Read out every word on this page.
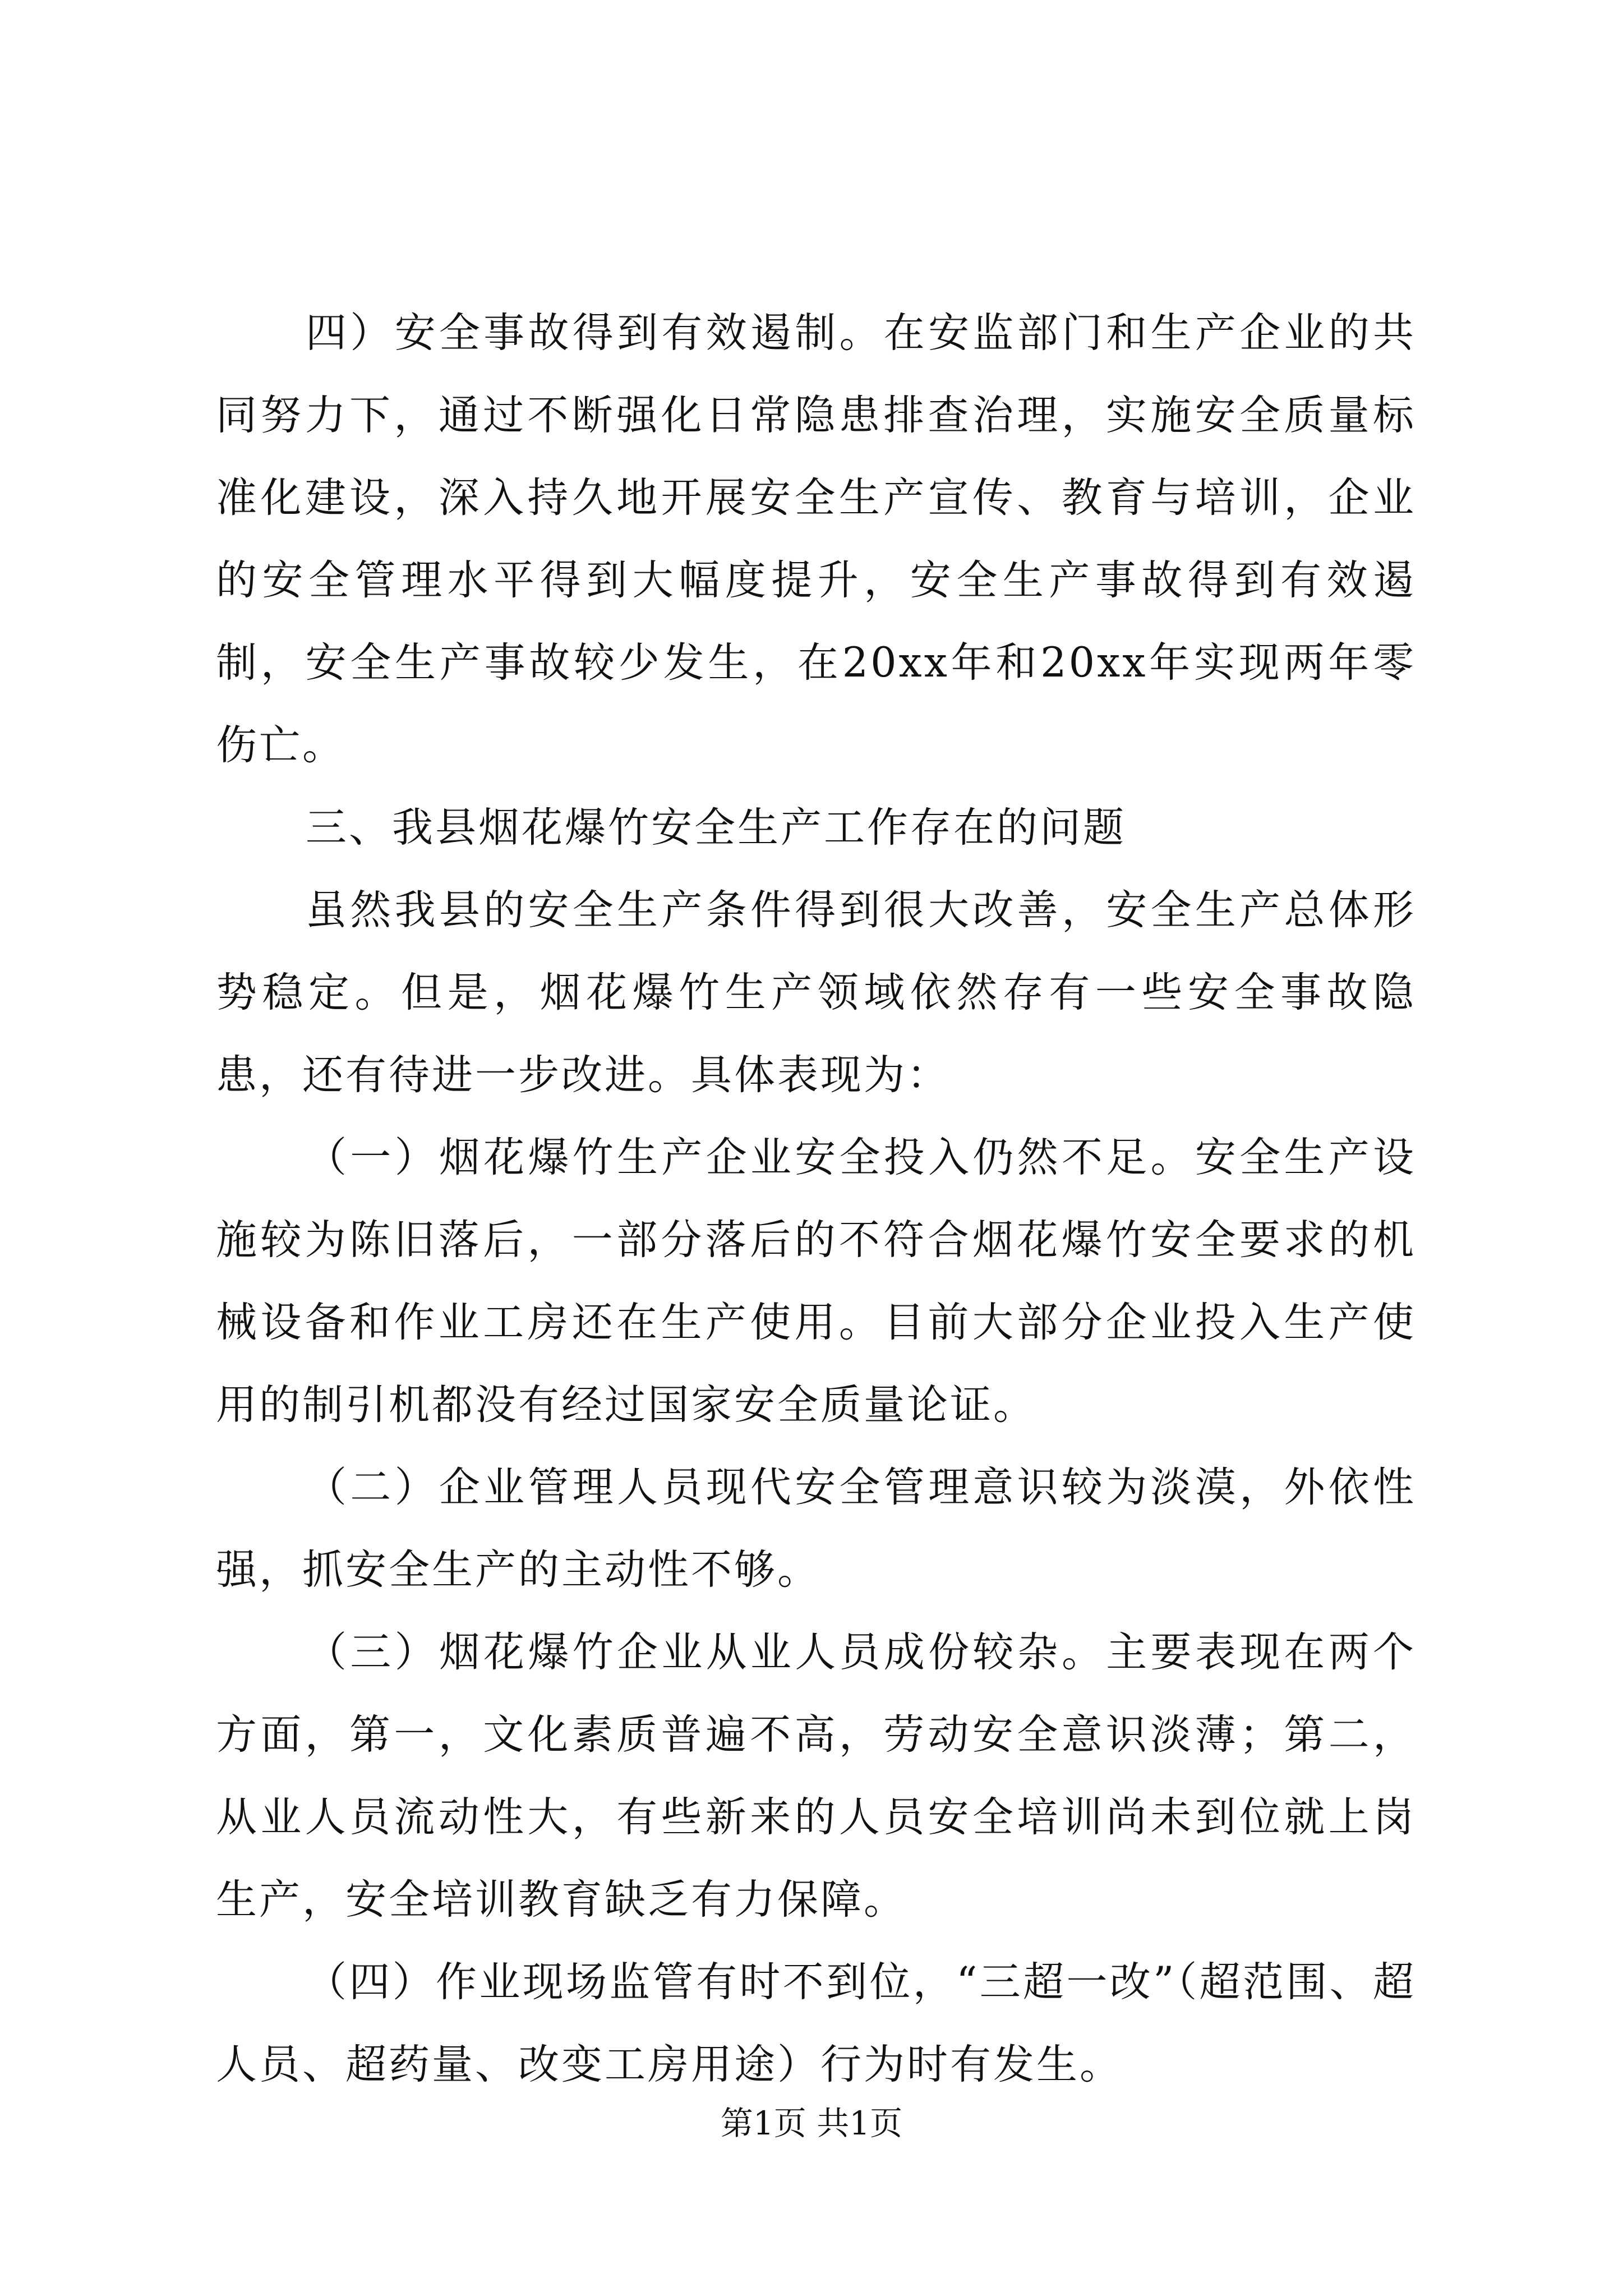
四）安全事故得到有效遏制。在安监部门和生产企业的共同努力下，通过不断强化日常隐患排查治理，实施安全质量标准化建设，深入持久地开展安全生产宣传、教育与培训，企业的安全管理水平得到大幅度提升，安全生产事故得到有效遏制，安全生产事故较少发生，在20xx年和20xx年实现两年零伤亡。

三、我县烟花爆竹安全生产工作存在的问题

虽然我县的安全生产条件得到很大改善，安全生产总体形势稳定。但是，烟花爆竹生产领域依然存有一些安全事故隐患，还有待进一步改进。具体表现为：

（一）烟花爆竹生产企业安全投入仍然不足。安全生产设施较为陈旧落后，一部分落后的不符合烟花爆竹安全要求的机械设备和作业工房还在生产使用。目前大部分企业投入生产使用的制引机都没有经过国家安全质量论证。

（二）企业管理人员现代安全管理意识较为淡漠，外依性强，抓安全生产的主动性不够。

（三）烟花爆竹企业从业人员成份较杂。主要表现在两个方面，第一，文化素质普遍不高，劳动安全意识淡薄；第二，从业人员流动性大，有些新来的人员安全培训尚未到位就上岗生产，安全培训教育缺乏有力保障。

（四）作业现场监管有时不到位，“三超一改”（超范围、超人员、超药量、改变工房用途）行为时有发生。

第1页 共1页
